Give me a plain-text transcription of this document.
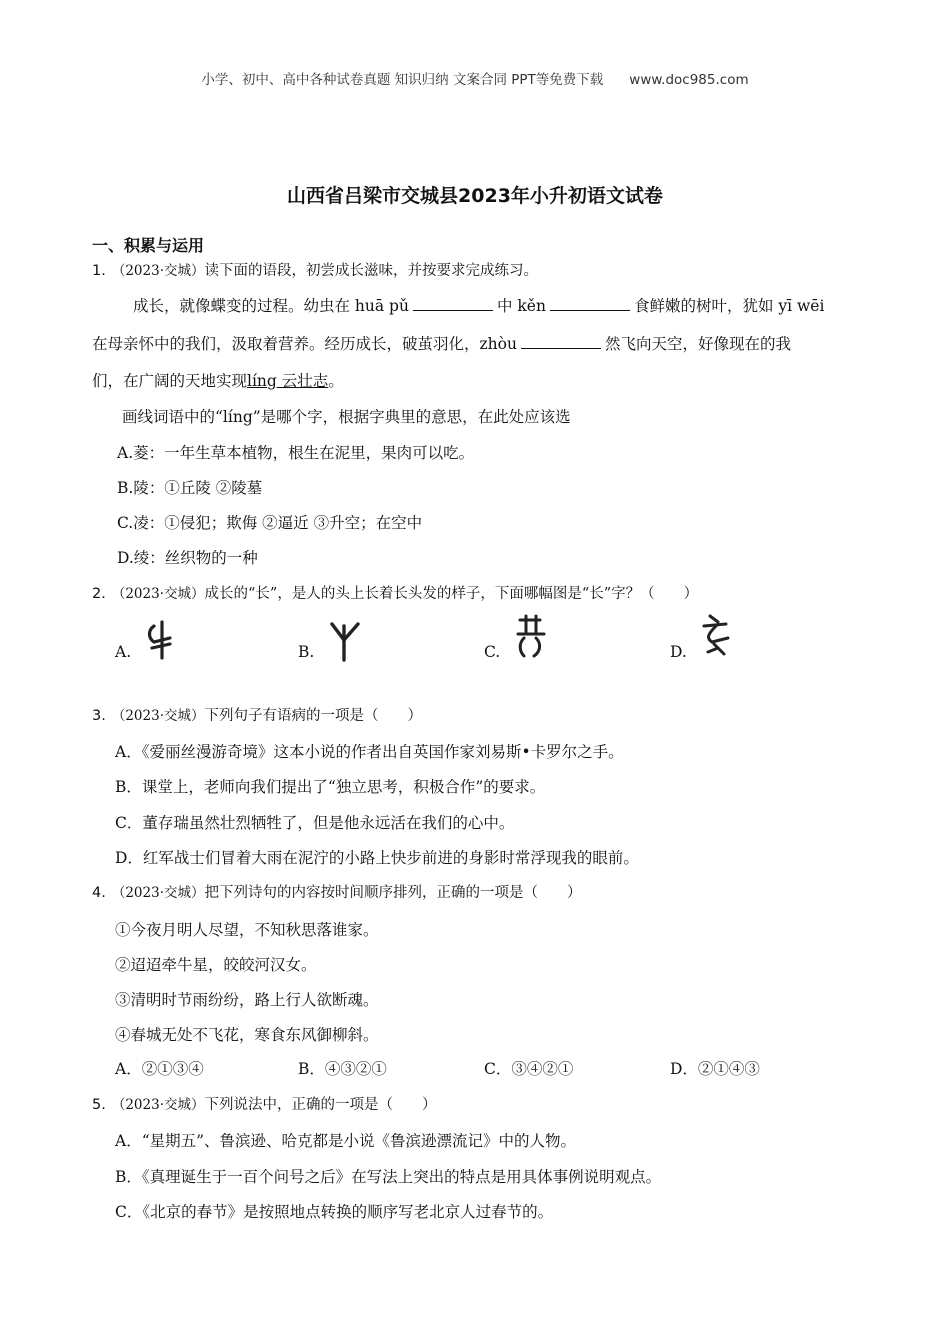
小学、初中、高中各种试卷真题 知识归纳 文案合同 PPT等免费下载 www.doc985.com
山西省吕梁市交城县2023年小升初语文试卷
一、积累与运用
1. （2023·交城）读下面的语段，初尝成长滋味，并按要求完成练习。
成长，就像蝶变的过程。幼虫在 huā pǔ	中 kěn	食鲜嫩的树叶，犹如 yī wēi
在母亲怀中的我们，汲取着营养。经历成长，破茧羽化，zhòu	然飞向天空，好像现在的我
们，在广阔的天地实现líng 云壮志。
画线词语中的“líng”是哪个字，根据字典里的意思，在此处应该选
A.菱：一年生草本植物，根生在泥里，果肉可以吃。
B.陵：①丘陵 ②陵墓
C.凌：①侵犯；欺侮 ②逼近 ③升空；在空中
D.绫：丝织物的一种
2. （2023·交城）成长的“长”，是人的头上长着长头发的样子，下面哪幅图是“长”字？（　　）
A.	B.	C.	D.
3. （2023·交城）下列句子有语病的一项是（　　）
A．《爱丽丝漫游奇境》这本小说的作者出自英国作家刘易斯•卡罗尔之手。
B．课堂上，老师向我们提出了“独立思考，积极合作”的要求。
C．董存瑞虽然壮烈牺牲了，但是他永远活在我们的心中。
D．红军战士们冒着大雨在泥泞的小路上快步前进的身影时常浮现我的眼前。
4. （2023·交城）把下列诗句的内容按时间顺序排列，正确的一项是（　　）
①今夜月明人尽望，不知秋思落谁家。
②迢迢牵牛星，皎皎河汉女。
③清明时节雨纷纷，路上行人欲断魂。
④春城无处不飞花，寒食东风御柳斜。
A．②①③④	B．④③②①	C．③④②①	D．②①④③
5. （2023·交城）下列说法中，正确的一项是（　　）
A．“星期五”、鲁滨逊、哈克都是小说《鲁滨逊漂流记》中的人物。
B．《真理诞生于一百个问号之后》在写法上突出的特点是用具体事例说明观点。
C．《北京的春节》是按照地点转换的顺序写老北京人过春节的。
